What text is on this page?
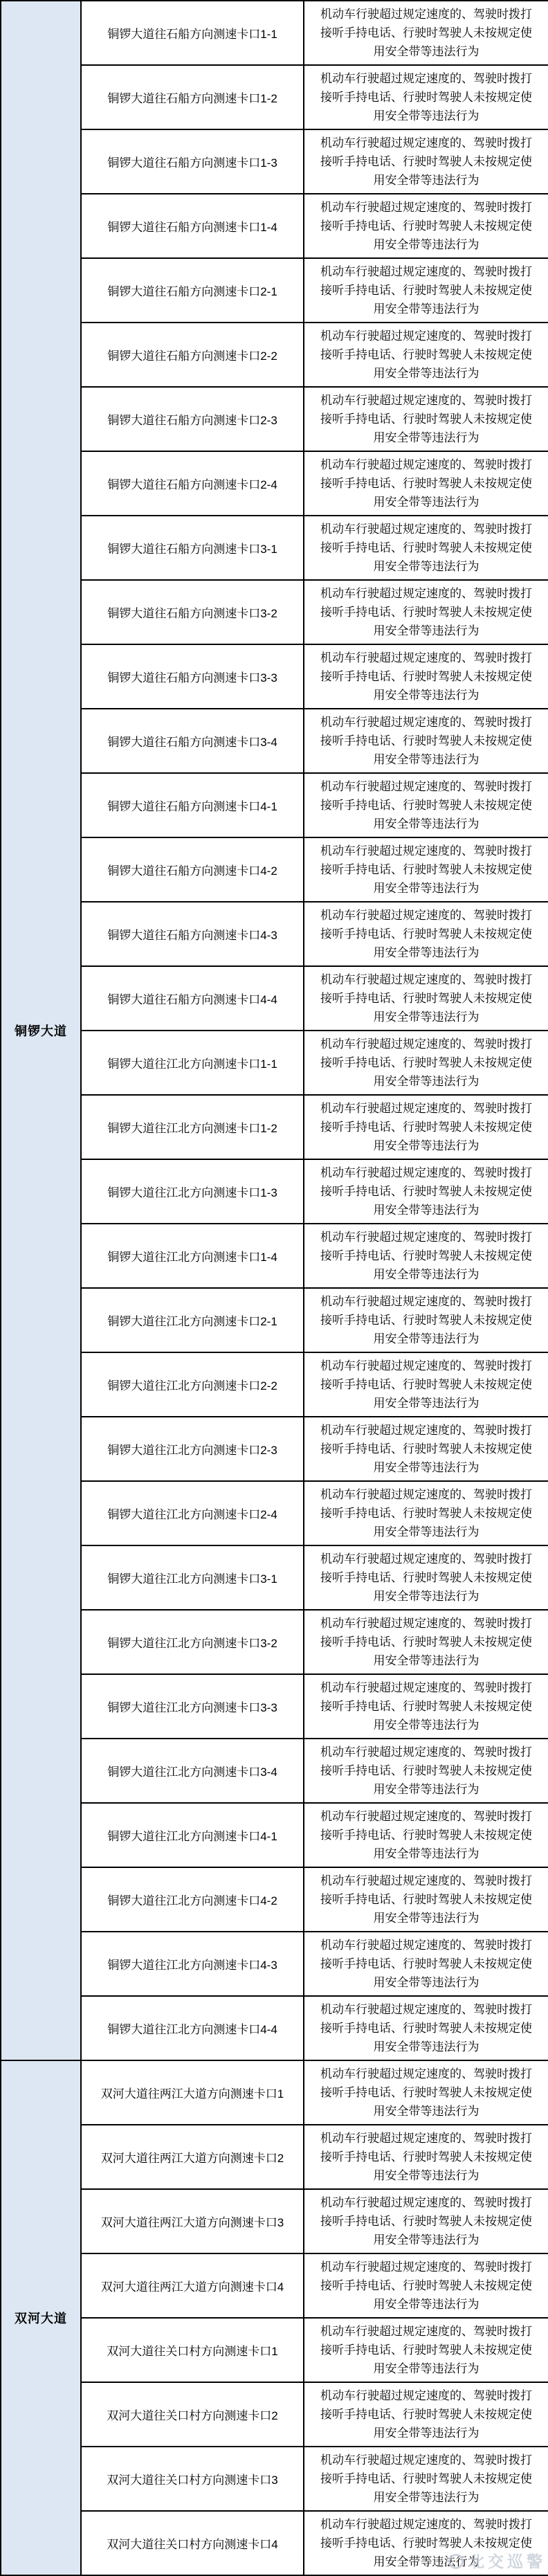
铜锣大道	铜锣大道往石船方向测速卡口1-1	机动车行驶超过规定速度的、驾驶时拨打
接听手持电话、行驶时驾驶人未按规定使
用安全带等违法行为

	铜锣大道往石船方向测速卡口1-2	机动车行驶超过规定速度的、驾驶时拨打
接听手持电话、行驶时驾驶人未按规定使
用安全带等违法行为

	铜锣大道往石船方向测速卡口1-3	机动车行驶超过规定速度的、驾驶时拨打
接听手持电话、行驶时驾驶人未按规定使
用安全带等违法行为

	铜锣大道往石船方向测速卡口1-4	机动车行驶超过规定速度的、驾驶时拨打
接听手持电话、行驶时驾驶人未按规定使
用安全带等违法行为

	铜锣大道往石船方向测速卡口2-1	机动车行驶超过规定速度的、驾驶时拨打
接听手持电话、行驶时驾驶人未按规定使
用安全带等违法行为

	铜锣大道往石船方向测速卡口2-2	机动车行驶超过规定速度的、驾驶时拨打
接听手持电话、行驶时驾驶人未按规定使
用安全带等违法行为

	铜锣大道往石船方向测速卡口2-3	机动车行驶超过规定速度的、驾驶时拨打
接听手持电话、行驶时驾驶人未按规定使
用安全带等违法行为

	铜锣大道往石船方向测速卡口2-4	机动车行驶超过规定速度的、驾驶时拨打
接听手持电话、行驶时驾驶人未按规定使
用安全带等违法行为

	铜锣大道往石船方向测速卡口3-1	机动车行驶超过规定速度的、驾驶时拨打
接听手持电话、行驶时驾驶人未按规定使
用安全带等违法行为

	铜锣大道往石船方向测速卡口3-2	机动车行驶超过规定速度的、驾驶时拨打
接听手持电话、行驶时驾驶人未按规定使
用安全带等违法行为

	铜锣大道往石船方向测速卡口3-3	机动车行驶超过规定速度的、驾驶时拨打
接听手持电话、行驶时驾驶人未按规定使
用安全带等违法行为

	铜锣大道往石船方向测速卡口3-4	机动车行驶超过规定速度的、驾驶时拨打
接听手持电话、行驶时驾驶人未按规定使
用安全带等违法行为

	铜锣大道往石船方向测速卡口4-1	机动车行驶超过规定速度的、驾驶时拨打
接听手持电话、行驶时驾驶人未按规定使
用安全带等违法行为

	铜锣大道往石船方向测速卡口4-2	机动车行驶超过规定速度的、驾驶时拨打
接听手持电话、行驶时驾驶人未按规定使
用安全带等违法行为

	铜锣大道往石船方向测速卡口4-3	机动车行驶超过规定速度的、驾驶时拨打
接听手持电话、行驶时驾驶人未按规定使
用安全带等违法行为

	铜锣大道往石船方向测速卡口4-4	机动车行驶超过规定速度的、驾驶时拨打
接听手持电话、行驶时驾驶人未按规定使
用安全带等违法行为

	铜锣大道往江北方向测速卡口1-1	机动车行驶超过规定速度的、驾驶时拨打
接听手持电话、行驶时驾驶人未按规定使
用安全带等违法行为

	铜锣大道往江北方向测速卡口1-2	机动车行驶超过规定速度的、驾驶时拨打
接听手持电话、行驶时驾驶人未按规定使
用安全带等违法行为

	铜锣大道往江北方向测速卡口1-3	机动车行驶超过规定速度的、驾驶时拨打
接听手持电话、行驶时驾驶人未按规定使
用安全带等违法行为

	铜锣大道往江北方向测速卡口1-4	机动车行驶超过规定速度的、驾驶时拨打
接听手持电话、行驶时驾驶人未按规定使
用安全带等违法行为

	铜锣大道往江北方向测速卡口2-1	机动车行驶超过规定速度的、驾驶时拨打
接听手持电话、行驶时驾驶人未按规定使
用安全带等违法行为

	铜锣大道往江北方向测速卡口2-2	机动车行驶超过规定速度的、驾驶时拨打
接听手持电话、行驶时驾驶人未按规定使
用安全带等违法行为

	铜锣大道往江北方向测速卡口2-3	机动车行驶超过规定速度的、驾驶时拨打
接听手持电话、行驶时驾驶人未按规定使
用安全带等违法行为

	铜锣大道往江北方向测速卡口2-4	机动车行驶超过规定速度的、驾驶时拨打
接听手持电话、行驶时驾驶人未按规定使
用安全带等违法行为

	铜锣大道往江北方向测速卡口3-1	机动车行驶超过规定速度的、驾驶时拨打
接听手持电话、行驶时驾驶人未按规定使
用安全带等违法行为

	铜锣大道往江北方向测速卡口3-2	机动车行驶超过规定速度的、驾驶时拨打
接听手持电话、行驶时驾驶人未按规定使
用安全带等违法行为

	铜锣大道往江北方向测速卡口3-3	机动车行驶超过规定速度的、驾驶时拨打
接听手持电话、行驶时驾驶人未按规定使
用安全带等违法行为

	铜锣大道往江北方向测速卡口3-4	机动车行驶超过规定速度的、驾驶时拨打
接听手持电话、行驶时驾驶人未按规定使
用安全带等违法行为

	铜锣大道往江北方向测速卡口4-1	机动车行驶超过规定速度的、驾驶时拨打
接听手持电话、行驶时驾驶人未按规定使
用安全带等违法行为

	铜锣大道往江北方向测速卡口4-2	机动车行驶超过规定速度的、驾驶时拨打
接听手持电话、行驶时驾驶人未按规定使
用安全带等违法行为

	铜锣大道往江北方向测速卡口4-3	机动车行驶超过规定速度的、驾驶时拨打
接听手持电话、行驶时驾驶人未按规定使
用安全带等违法行为

	铜锣大道往江北方向测速卡口4-4	机动车行驶超过规定速度的、驾驶时拨打
接听手持电话、行驶时驾驶人未按规定使
用安全带等违法行为

双河大道	双河大道往两江大道方向测速卡口1	机动车行驶超过规定速度的、驾驶时拨打
接听手持电话、行驶时驾驶人未按规定使
用安全带等违法行为

	双河大道往两江大道方向测速卡口2	机动车行驶超过规定速度的、驾驶时拨打
接听手持电话、行驶时驾驶人未按规定使
用安全带等违法行为

	双河大道往两江大道方向测速卡口3	机动车行驶超过规定速度的、驾驶时拨打
接听手持电话、行驶时驾驶人未按规定使
用安全带等违法行为

	双河大道往两江大道方向测速卡口4	机动车行驶超过规定速度的、驾驶时拨打
接听手持电话、行驶时驾驶人未按规定使
用安全带等违法行为

	双河大道往关口村方向测速卡口1	机动车行驶超过规定速度的、驾驶时拨打
接听手持电话、行驶时驾驶人未按规定使
用安全带等违法行为

	双河大道往关口村方向测速卡口2	机动车行驶超过规定速度的、驾驶时拨打
接听手持电话、行驶时驾驶人未按规定使
用安全带等违法行为

	双河大道往关口村方向测速卡口3	机动车行驶超过规定速度的、驾驶时拨打
接听手持电话、行驶时驾驶人未按规定使
用安全带等违法行为

	双河大道往关口村方向测速卡口4	机动车行驶超过规定速度的、驾驶时拨打
接听手持电话、行驶时驾驶人未按规定使
用安全带等违法行为
北交巡警
